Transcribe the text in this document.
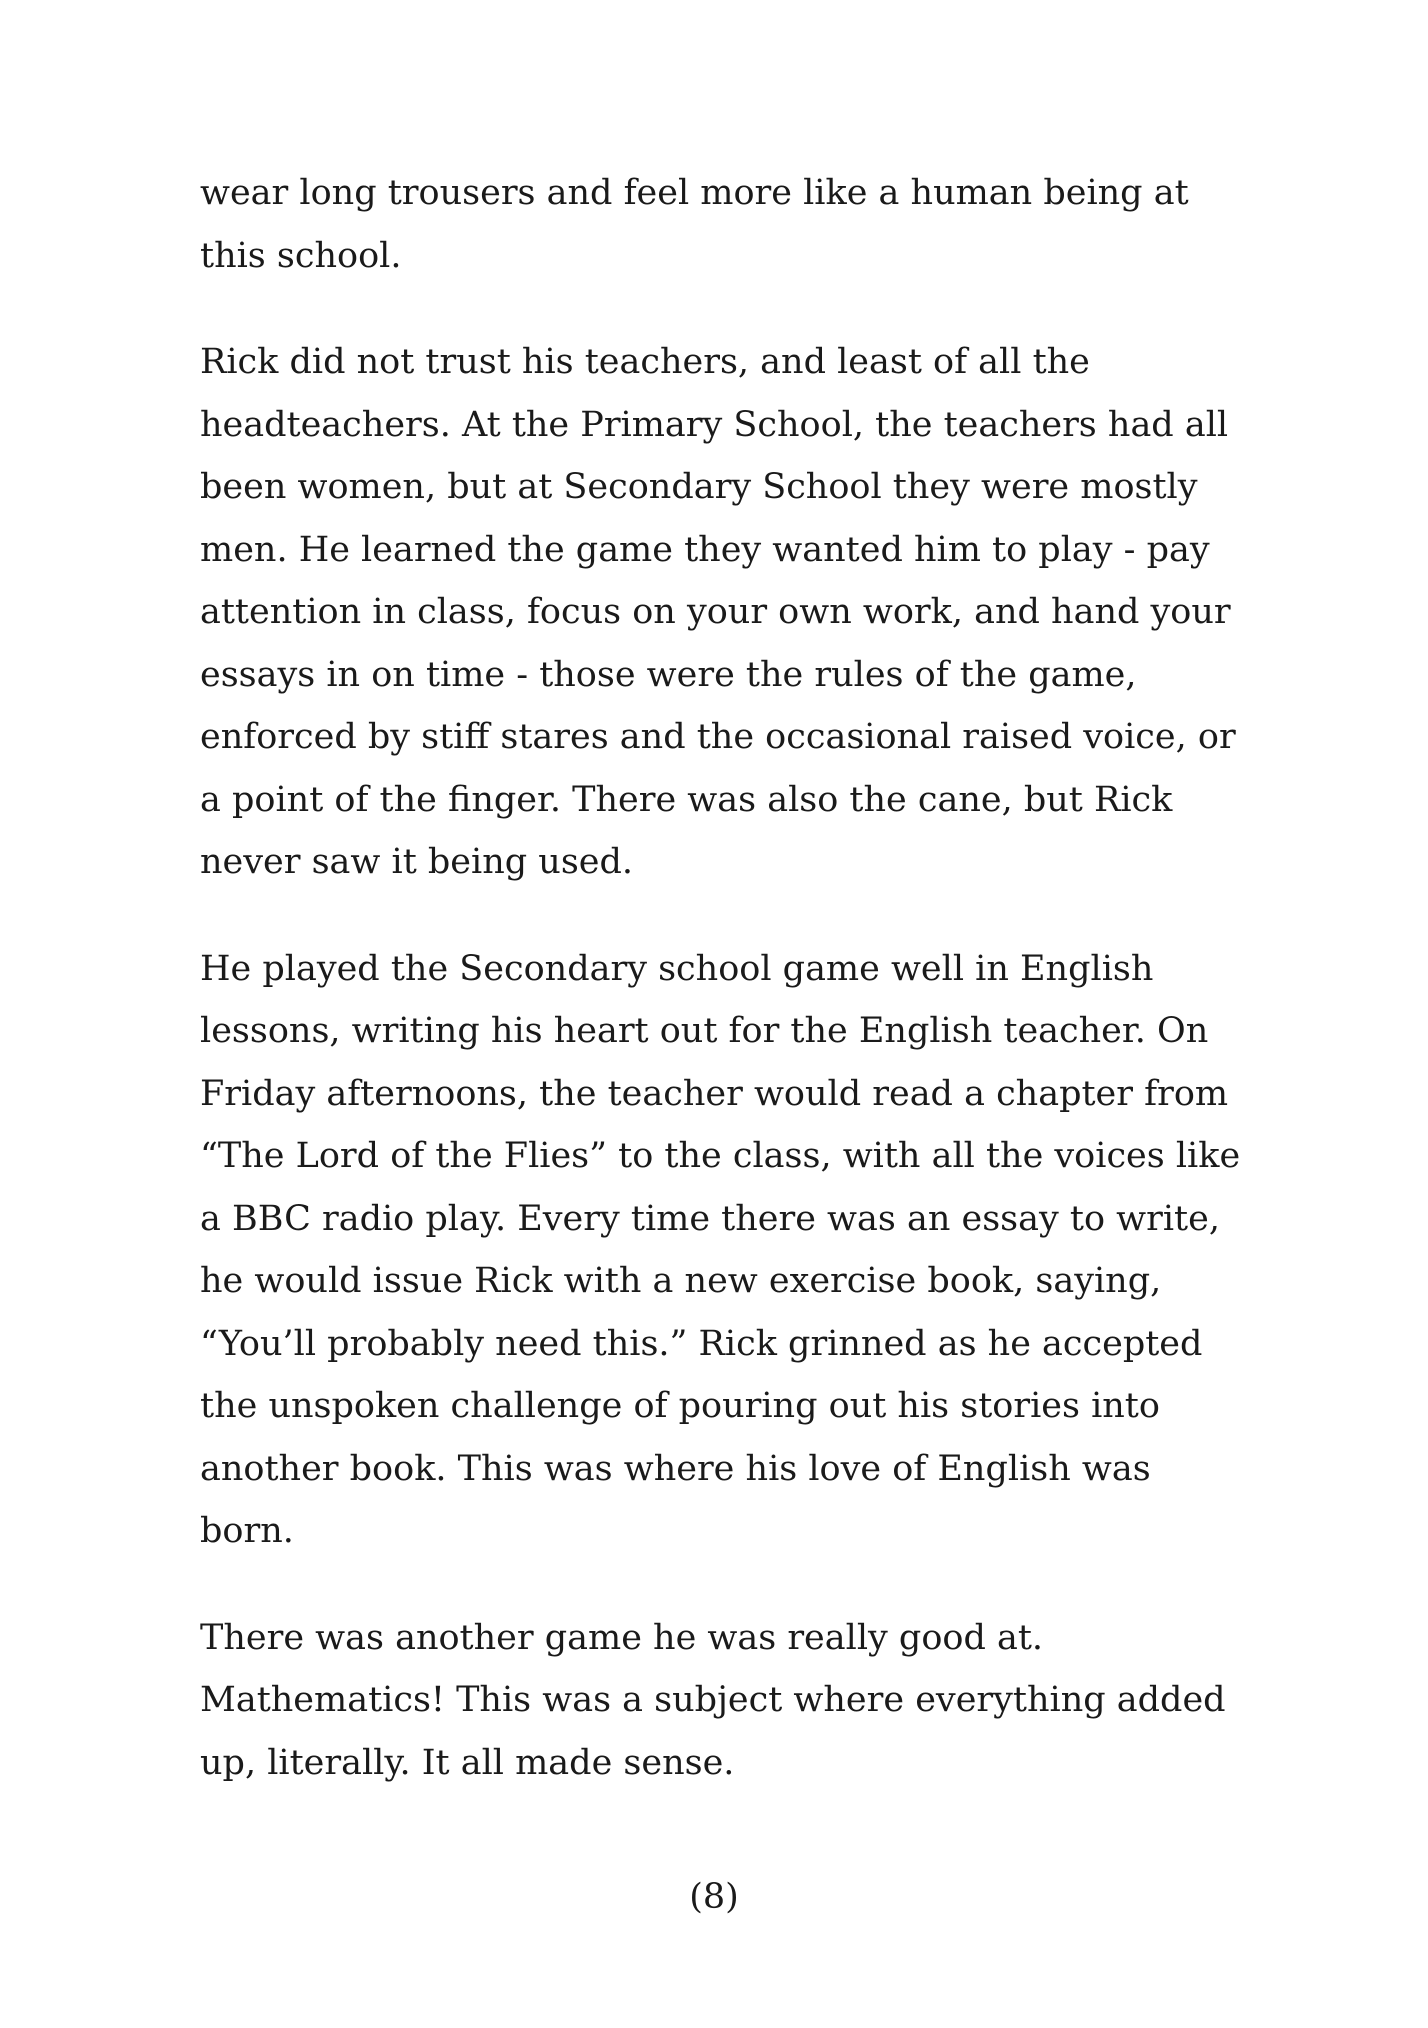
wear long trousers and feel more like a human being at
this school.

Rick did not trust his teachers, and least of all the
headteachers. At the Primary School, the teachers had all
been women, but at Secondary School they were mostly
men. He learned the game they wanted him to play - pay
attention in class, focus on your own work, and hand your
essays in on time - those were the rules of the game,
enforced by stiff stares and the occasional raised voice, or
a point of the finger. There was also the cane, but Rick
never saw it being used.

He played the Secondary school game well in English
lessons, writing his heart out for the English teacher. On
Friday afternoons, the teacher would read a chapter from
“The Lord of the Flies” to the class, with all the voices like
a BBC radio play. Every time there was an essay to write,
he would issue Rick with a new exercise book, saying,
“You’ll probably need this.” Rick grinned as he accepted
the unspoken challenge of pouring out his stories into
another book. This was where his love of English was
born.

There was another game he was really good at.
Mathematics! This was a subject where everything added
up, literally. It all made sense.

(8)
